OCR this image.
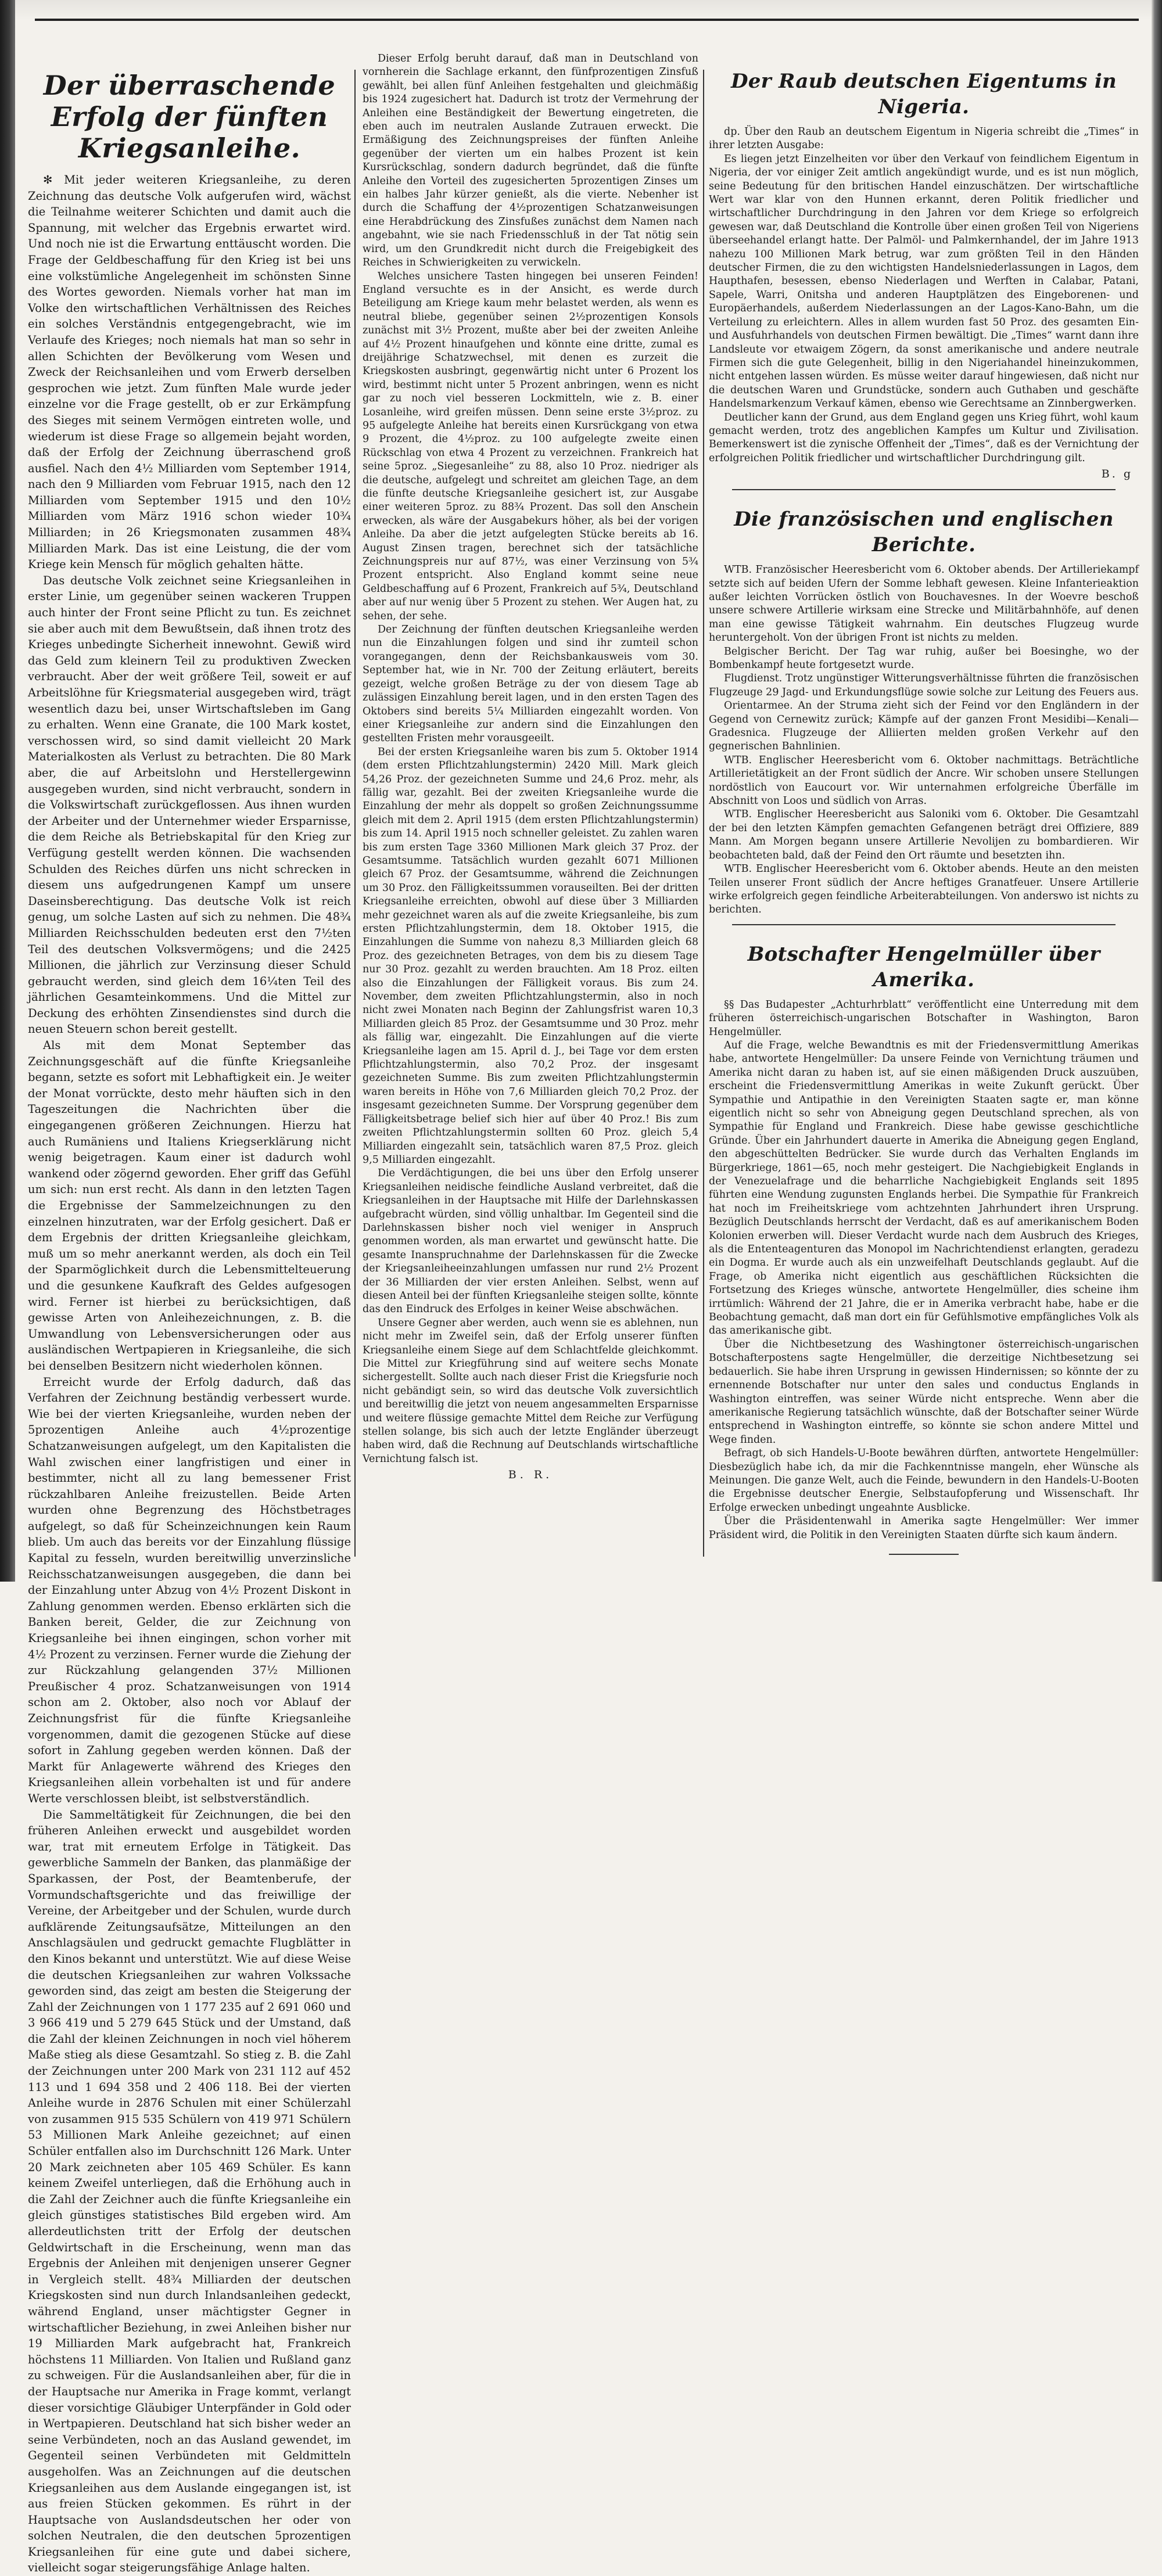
Der überraschende Erfolg der fünften Kriegsanleihe.

✻ Mit jeder weiteren Kriegsanleihe, zu deren Zeichnung das deutsche Volk aufgerufen wird, wächst die Teilnahme weiterer Schichten und damit auch die Spannung, mit welcher das Ergebnis erwartet wird. Und noch nie ist die Erwartung enttäuscht worden. Die Frage der Geldbeschaffung für den Krieg ist bei uns eine volkstümliche Angelegenheit im schönsten Sinne des Wortes geworden. Niemals vorher hat man im Volke den wirtschaftlichen Verhältnissen des Reiches ein solches Verständnis entgegengebracht, wie im Verlaufe des Krieges; noch niemals hat man so sehr in allen Schichten der Bevölkerung vom Wesen und Zweck der Reichsanleihen und vom Erwerb derselben gesprochen wie jetzt. Zum fünften Male wurde jeder einzelne vor die Frage gestellt, ob er zur Erkämpfung des Sieges mit seinem Vermögen eintreten wolle, und wiederum ist diese Frage so allgemein bejaht worden, daß der Erfolg der Zeichnung überraschend groß ausfiel. Nach den 4½ Milliarden vom September 1914, nach den 9 Milliarden vom Februar 1915, nach den 12 Milliarden vom September 1915 und den 10½ Milliarden vom März 1916 schon wieder 10¾ Milliarden; in 26 Kriegsmonaten zusammen 48¾ Milliarden Mark. Das ist eine Leistung, die der vom Kriege kein Mensch für möglich gehalten hätte.

Das deutsche Volk zeichnet seine Kriegsanleihen in erster Linie, um gegenüber seinen wackeren Truppen auch hinter der Front seine Pflicht zu tun. Es zeichnet sie aber auch mit dem Bewußtsein, daß ihnen trotz des Krieges unbedingte Sicherheit innewohnt. Gewiß wird das Geld zum kleinern Teil zu produktiven Zwecken verbraucht. Aber der weit größere Teil, soweit er auf Arbeitslöhne für Kriegsmaterial ausgegeben wird, trägt wesentlich dazu bei, unser Wirtschaftsleben im Gang zu erhalten. Wenn eine Granate, die 100 Mark kostet, verschossen wird, so sind damit vielleicht 20 Mark Materialkosten als Verlust zu betrachten. Die 80 Mark aber, die auf Arbeitslohn und Herstellergewinn ausgegeben wurden, sind nicht verbraucht, sondern in die Volkswirtschaft zurückgeflossen. Aus ihnen wurden der Arbeiter und der Unternehmer wieder Ersparnisse, die dem Reiche als Betriebskapital für den Krieg zur Verfügung gestellt werden können. Die wachsenden Schulden des Reiches dürfen uns nicht schrecken in diesem uns aufgedrungenen Kampf um unsere Daseinsberechtigung. Das deutsche Volk ist reich genug, um solche Lasten auf sich zu nehmen. Die 48¾ Milliarden Reichsschulden bedeuten erst den 7½ten Teil des deutschen Volksvermögens; und die 2425 Millionen, die jährlich zur Verzinsung dieser Schuld gebraucht werden, sind gleich dem 16¼ten Teil des jährlichen Gesamteinkommens. Und die Mittel zur Deckung des erhöhten Zinsendienstes sind durch die neuen Steuern schon bereit gestellt.

Als mit dem Monat September das Zeichnungsgeschäft auf die fünfte Kriegsanleihe begann, setzte es sofort mit Lebhaftigkeit ein. Je weiter der Monat vorrückte, desto mehr häuften sich in den Tageszeitungen die Nachrichten über die eingegangenen größeren Zeichnungen. Hierzu hat auch Rumäniens und Italiens Kriegserklärung nicht wenig beigetragen. Kaum einer ist dadurch wohl wankend oder zögernd geworden. Eher griff das Gefühl um sich: nun erst recht. Als dann in den letzten Tagen die Ergebnisse der Sammelzeichnungen zu den einzelnen hinzutraten, war der Erfolg gesichert. Daß er dem Ergebnis der dritten Kriegsanleihe gleichkam, muß um so mehr anerkannt werden, als doch ein Teil der Sparmöglichkeit durch die Lebensmittelteuerung und die gesunkene Kaufkraft des Geldes aufgesogen wird. Ferner ist hierbei zu berücksichtigen, daß gewisse Arten von Anleihezeichnungen, z. B. die Umwandlung von Lebensversicherungen oder aus ausländischen Wertpapieren in Kriegsanleihe, die sich bei denselben Besitzern nicht wiederholen können.

Erreicht wurde der Erfolg dadurch, daß das Verfahren der Zeichnung beständig verbessert wurde. Wie bei der vierten Kriegsanleihe, wurden neben der 5prozentigen Anleihe auch 4½prozentige Schatzanweisungen aufgelegt, um den Kapitalisten die Wahl zwischen einer langfristigen und einer in bestimmter, nicht all zu lang bemessener Frist rückzahlbaren Anleihe freizustellen. Beide Arten wurden ohne Begrenzung des Höchstbetrages aufgelegt, so daß für Scheinzeichnungen kein Raum blieb. Um auch das bereits vor der Einzahlung flüssige Kapital zu fesseln, wurden bereitwillig unverzinsliche Reichsschatzanweisungen ausgegeben, die dann bei der Einzahlung unter Abzug von 4½ Prozent Diskont in Zahlung genommen werden. Ebenso erklärten sich die Banken bereit, Gelder, die zur Zeichnung von Kriegsanleihe bei ihnen eingingen, schon vorher mit 4½ Prozent zu verzinsen. Ferner wurde die Ziehung der zur Rückzahlung gelangenden 37½ Millionen Preußischer 4 proz. Schatzanweisungen von 1914 schon am 2. Oktober, also noch vor Ablauf der Zeichnungsfrist für die fünfte Kriegsanleihe vorgenommen, damit die gezogenen Stücke auf diese sofort in Zahlung gegeben werden können. Daß der Markt für Anlagewerte während des Krieges den Kriegsanleihen allein vorbehalten ist und für andere Werte verschlossen bleibt, ist selbstverständlich.

Die Sammeltätigkeit für Zeichnungen, die bei den früheren Anleihen erweckt und ausgebildet worden war, trat mit erneutem Erfolge in Tätigkeit. Das gewerbliche Sammeln der Banken, das planmäßige der Sparkassen, der Post, der Beamtenberufe, der Vormundschaftsgerichte und das freiwillige der Vereine, der Arbeitgeber und der Schulen, wurde durch aufklärende Zeitungsaufsätze, Mitteilungen an den Anschlagsäulen und gedruckt gemachte Flugblätter in den Kinos bekannt und unterstützt. Wie auf diese Weise die deutschen Kriegsanleihen zur wahren Volkssache geworden sind, das zeigt am besten die Steigerung der Zahl der Zeichnungen von 1 177 235 auf 2 691 060 und 3 966 419 und 5 279 645 Stück und der Umstand, daß die Zahl der kleinen Zeichnungen in noch viel höherem Maße stieg als diese Gesamtzahl. So stieg z. B. die Zahl der Zeichnungen unter 200 Mark von 231 112 auf 452 113 und 1 694 358 und 2 406 118. Bei der vierten Anleihe wurde in 2876 Schulen mit einer Schülerzahl von zusammen 915 535 Schülern von 419 971 Schülern 53 Millionen Mark Anleihe gezeichnet; auf einen Schüler entfallen also im Durchschnitt 126 Mark. Unter 20 Mark zeichneten aber 105 469 Schüler. Es kann keinem Zweifel unterliegen, daß die Erhöhung auch in die Zahl der Zeichner auch die fünfte Kriegsanleihe ein gleich günstiges statistisches Bild ergeben wird. Am allerdeutlichsten tritt der Erfolg der deutschen Geldwirtschaft in die Erscheinung, wenn man das Ergebnis der Anleihen mit denjenigen unserer Gegner in Vergleich stellt. 48¾ Milliarden der deutschen Kriegskosten sind nun durch Inlandsanleihen gedeckt, während England, unser mächtigster Gegner in wirtschaftlicher Beziehung, in zwei Anleihen bisher nur 19 Milliarden Mark aufgebracht hat, Frankreich höchstens 11 Milliarden. Von Italien und Rußland ganz zu schweigen. Für die Auslandsanleihen aber, für die in der Hauptsache nur Amerika in Frage kommt, verlangt dieser vorsichtige Gläubiger Unterpfänder in Gold oder in Wertpapieren. Deutschland hat sich bisher weder an seine Verbündeten, noch an das Ausland gewendet, im Gegenteil seinen Verbündeten mit Geldmitteln ausgeholfen. Was an Zeichnungen auf die deutschen Kriegsanleihen aus dem Auslande eingegangen ist, ist aus freien Stücken gekommen. Es rührt in der Hauptsache von Auslandsdeutschen her oder von solchen Neutralen, die den deutschen 5prozentigen Kriegsanleihen für eine gute und dabei sichere, vielleicht sogar steigerungsfähige Anlage halten.

Dieser Erfolg beruht darauf, daß man in Deutschland von vornherein die Sachlage erkannt, den fünfprozentigen Zinsfuß gewählt, bei allen fünf Anleihen festgehalten und gleichmäßig bis 1924 zugesichert hat. Dadurch ist trotz der Vermehrung der Anleihen eine Beständigkeit der Bewertung eingetreten, die eben auch im neutralen Auslande Zutrauen erweckt. Die Ermäßigung des Zeichnungspreises der fünften Anleihe gegenüber der vierten um ein halbes Prozent ist kein Kursrückschlag, sondern dadurch begründet, daß die fünfte Anleihe den Vorteil des zugesicherten 5prozentigen Zinses um ein halbes Jahr kürzer genießt, als die vierte. Nebenher ist durch die Schaffung der 4½prozentigen Schatzanweisungen eine Herabdrückung des Zinsfußes zunächst dem Namen nach angebahnt, wie sie nach Friedensschluß in der Tat nötig sein wird, um den Grundkredit nicht durch die Freigebigkeit des Reiches in Schwierigkeiten zu verwickeln.

Welches unsichere Tasten hingegen bei unseren Feinden! England versuchte es in der Ansicht, es werde durch Beteiligung am Kriege kaum mehr belastet werden, als wenn es neutral bliebe, gegenüber seinen 2½prozentigen Konsols zunächst mit 3½ Prozent, mußte aber bei der zweiten Anleihe auf 4½ Prozent hinaufgehen und könnte eine dritte, zumal es dreijährige Schatzwechsel, mit denen es zurzeit die Kriegskosten ausbringt, gegenwärtig nicht unter 6 Prozent los wird, bestimmt nicht unter 5 Prozent anbringen, wenn es nicht gar zu noch viel besseren Lockmitteln, wie z. B. einer Losanleihe, wird greifen müssen. Denn seine erste 3½proz. zu 95 aufgelegte Anleihe hat bereits einen Kursrückgang von etwa 9 Prozent, die 4½proz. zu 100 aufgelegte zweite einen Rückschlag von etwa 4 Prozent zu verzeichnen. Frankreich hat seine 5proz. „Siegesanleihe“ zu 88, also 10 Proz. niedriger als die deutsche, aufgelegt und schreitet am gleichen Tage, an dem die fünfte deutsche Kriegsanleihe gesichert ist, zur Ausgabe einer weiteren 5proz. zu 88¾ Prozent. Das soll den Anschein erwecken, als wäre der Ausgabekurs höher, als bei der vorigen Anleihe. Da aber die jetzt aufgelegten Stücke bereits ab 16. August Zinsen tragen, berechnet sich der tatsächliche Zeichnungspreis nur auf 87½, was einer Verzinsung von 5¾ Prozent entspricht. Also England kommt seine neue Geldbeschaffung auf 6 Prozent, Frankreich auf 5¾, Deutschland aber auf nur wenig über 5 Prozent zu stehen. Wer Augen hat, zu sehen, der sehe.

Der Zeichnung der fünften deutschen Kriegsanleihe werden nun die Einzahlungen folgen und sind ihr zumteil schon vorangegangen, denn der Reichsbankausweis vom 30. September hat, wie in Nr. 700 der Zeitung erläutert, bereits gezeigt, welche großen Beträge zu der von diesem Tage ab zulässigen Einzahlung bereit lagen, und in den ersten Tagen des Oktobers sind bereits 5¼ Milliarden eingezahlt worden. Von einer Kriegsanleihe zur andern sind die Einzahlungen den gestellten Fristen mehr vorausgeeilt.

Bei der ersten Kriegsanleihe waren bis zum 5. Oktober 1914 (dem ersten Pflichtzahlungstermin) 2420 Mill. Mark gleich 54,26 Proz. der gezeichneten Summe und 24,6 Proz. mehr, als fällig war, gezahlt. Bei der zweiten Kriegsanleihe wurde die Einzahlung der mehr als doppelt so großen Zeichnungssumme gleich mit dem 2. April 1915 (dem ersten Pflichtzahlungstermin) bis zum 14. April 1915 noch schneller geleistet. Zu zahlen waren bis zum ersten Tage 3360 Millionen Mark gleich 37 Proz. der Gesamtsumme. Tatsächlich wurden gezahlt 6071 Millionen gleich 67 Proz. der Gesamtsumme, während die Zeichnungen um 30 Proz. den Fälligkeitssummen vorauseilten. Bei der dritten Kriegsanleihe erreichten, obwohl auf diese über 3 Milliarden mehr gezeichnet waren als auf die zweite Kriegsanleihe, bis zum ersten Pflichtzahlungstermin, dem 18. Oktober 1915, die Einzahlungen die Summe von nahezu 8,3 Milliarden gleich 68 Proz. des gezeichneten Betrages, von dem bis zu diesem Tage nur 30 Proz. gezahlt zu werden brauchten. Am 18 Proz. eilten also die Einzahlungen der Fälligkeit voraus. Bis zum 24. November, dem zweiten Pflichtzahlungstermin, also in noch nicht zwei Monaten nach Beginn der Zahlungsfrist waren 10,3 Milliarden gleich 85 Proz. der Gesamtsumme und 30 Proz. mehr als fällig war, eingezahlt. Die Einzahlungen auf die vierte Kriegsanleihe lagen am 15. April d. J., bei Tage vor dem ersten Pflichtzahlungstermin, also 70,2 Proz. der insgesamt gezeichneten Summe. Bis zum zweiten Pflichtzahlungstermin waren bereits in Höhe von 7,6 Milliarden gleich 70,2 Proz. der insgesamt gezeichneten Summe. Der Vorsprung gegenüber dem Fälligkeitsbetrage belief sich hier auf über 40 Proz.! Bis zum zweiten Pflichtzahlungstermin sollten 60 Proz. gleich 5,4 Milliarden eingezahlt sein, tatsächlich waren 87,5 Proz. gleich 9,5 Milliarden eingezahlt.

Die Verdächtigungen, die bei uns über den Erfolg unserer Kriegsanleihen neidische feindliche Ausland verbreitet, daß die Kriegsanleihen in der Hauptsache mit Hilfe der Darlehnskassen aufgebracht würden, sind völlig unhaltbar. Im Gegenteil sind die Darlehnskassen bisher noch viel weniger in Anspruch genommen worden, als man erwartet und gewünscht hatte. Die gesamte Inanspruchnahme der Darlehnskassen für die Zwecke der Kriegsanleiheeinzahlungen umfassen nur rund 2½ Prozent der 36 Milliarden der vier ersten Anleihen. Selbst, wenn auf diesen Anteil bei der fünften Kriegsanleihe steigen sollte, könnte das den Eindruck des Erfolges in keiner Weise abschwächen.

Unsere Gegner aber werden, auch wenn sie es ablehnen, nun nicht mehr im Zweifel sein, daß der Erfolg unserer fünften Kriegsanleihe einem Siege auf dem Schlachtfelde gleichkommt. Die Mittel zur Kriegführung sind auf weitere sechs Monate sichergestellt. Sollte auch nach dieser Frist die Kriegsfurie noch nicht gebändigt sein, so wird das deutsche Volk zuversichtlich und bereitwillig die jetzt von neuem angesammelten Ersparnisse und weitere flüssige gemachte Mittel dem Reiche zur Verfügung stellen solange, bis sich auch der letzte Engländer überzeugt haben wird, daß die Rechnung auf Deutschlands wirtschaftliche Vernichtung falsch ist.

B. R.
Der Raub deutschen Eigentums in Nigeria.

dp. Über den Raub an deutschem Eigentum in Nigeria schreibt die „Times“ in ihrer letzten Ausgabe:

Es liegen jetzt Einzelheiten vor über den Verkauf von feindlichem Eigentum in Nigeria, der vor einiger Zeit amtlich angekündigt wurde, und es ist nun möglich, seine Bedeutung für den britischen Handel einzuschätzen. Der wirtschaftliche Wert war klar von den Hunnen erkannt, deren Politik friedlicher und wirtschaftlicher Durchdringung in den Jahren vor dem Kriege so erfolgreich gewesen war, daß Deutschland die Kontrolle über einen großen Teil von Nigeriens überseehandel erlangt hatte. Der Palmöl- und Palmkernhandel, der im Jahre 1913 nahezu 100 Millionen Mark betrug, war zum größten Teil in den Händen deutscher Firmen, die zu den wichtigsten Handelsniederlassungen in Lagos, dem Haupthafen, besessen, ebenso Niederlagen und Werften in Calabar, Patani, Sapele, Warri, Onitsha und anderen Hauptplätzen des Eingeborenen- und Europäerhandels, außerdem Niederlassungen an der Lagos-Kano-Bahn, um die Verteilung zu erleichtern. Alles in allem wurden fast 50 Proz. des gesamten Ein- und Ausfuhrhandels von deutschen Firmen bewältigt. Die „Times“ warnt dann ihre Landsleute vor etwaigem Zögern, da sonst amerikanische und andere neutrale Firmen sich die gute Gelegenheit, billig in den Nigeriahandel hineinzukommen, nicht entgehen lassen würden. Es müsse weiter darauf hingewiesen, daß nicht nur die deutschen Waren und Grundstücke, sondern auch Guthaben und geschäfte Handelsmarkenzum Verkauf kämen, ebenso wie Gerechtsame an Zinnbergwerken.

Deutlicher kann der Grund, aus dem England gegen uns Krieg führt, wohl kaum gemacht werden, trotz des angeblichen Kampfes um Kultur und Zivilisation. Bemerkenswert ist die zynische Offenheit der „Times“, daß es der Vernichtung der erfolgreichen Politik friedlicher und wirtschaftlicher Durchdringung gilt.

B. g
Die französischen und englischen Berichte.

WTB. Französischer Heeresbericht vom 6. Oktober abends. Der Artilleriekampf setzte sich auf beiden Ufern der Somme lebhaft gewesen. Kleine Infanterieaktion außer leichten Vorrücken östlich von Bouchavesnes. In der Woevre beschoß unsere schwere Artillerie wirksam eine Strecke und Militärbahnhöfe, auf denen man eine gewisse Tätigkeit wahrnahm. Ein deutsches Flugzeug wurde heruntergeholt. Von der übrigen Front ist nichts zu melden.

Belgischer Bericht. Der Tag war ruhig, außer bei Boesinghe, wo der Bombenkampf heute fortgesetzt wurde.

Flugdienst. Trotz ungünstiger Witterungsverhältnisse führten die französischen Flugzeuge 29 Jagd- und Erkundungsflüge sowie solche zur Leitung des Feuers aus.

Orientarmee. An der Struma zieht sich der Feind vor den Engländern in der Gegend von Cernewitz zurück; Kämpfe auf der ganzen Front Mesidibi—Kenali—Gradesnica. Flugzeuge der Alliierten melden großen Verkehr auf den gegnerischen Bahnlinien.

WTB. Englischer Heeresbericht vom 6. Oktober nachmittags. Beträchtliche Artillerietätigkeit an der Front südlich der Ancre. Wir schoben unsere Stellungen nordöstlich von Eaucourt vor. Wir unternahmen erfolgreiche Überfälle im Abschnitt von Loos und südlich von Arras.

WTB. Englischer Heeresbericht aus Saloniki vom 6. Oktober. Die Gesamtzahl der bei den letzten Kämpfen gemachten Gefangenen beträgt drei Offiziere, 889 Mann. Am Morgen begann unsere Artillerie Nevolijen zu bombardieren. Wir beobachteten bald, daß der Feind den Ort räumte und besetzten ihn.

WTB. Englischer Heeresbericht vom 6. Oktober abends. Heute an den meisten Teilen unserer Front südlich der Ancre heftiges Granatfeuer. Unsere Artillerie wirke erfolgreich gegen feindliche Arbeiterabteilungen. Von anderswo ist nichts zu berichten.

Botschafter Hengelmüller über Amerika.

§§ Das Budapester „Achturhrblatt“ veröffentlicht eine Unterredung mit dem früheren österreichisch-ungarischen Botschafter in Washington, Baron Hengelmüller.

Auf die Frage, welche Bewandtnis es mit der Friedensvermittlung Amerikas habe, antwortete Hengelmüller: Da unsere Feinde von Vernichtung träumen und Amerika nicht daran zu haben ist, auf sie einen mäßigenden Druck auszuüben, erscheint die Friedensvermittlung Amerikas in weite Zukunft gerückt. Über Sympathie und Antipathie in den Vereinigten Staaten sagte er, man könne eigentlich nicht so sehr von Abneigung gegen Deutschland sprechen, als von Sympathie für England und Frankreich. Diese habe gewisse geschichtliche Gründe. Über ein Jahrhundert dauerte in Amerika die Abneigung gegen England, den abgeschüttelten Bedrücker. Sie wurde durch das Verhalten Englands im Bürgerkriege, 1861—65, noch mehr gesteigert. Die Nachgiebigkeit Englands in der Venezuelafrage und die beharrliche Nachgiebigkeit Englands seit 1895 führten eine Wendung zugunsten Englands herbei. Die Sympathie für Frankreich hat noch im Freiheitskriege vom achtzehnten Jahrhundert ihren Ursprung. Bezüglich Deutschlands herrscht der Verdacht, daß es auf amerikanischem Boden Kolonien erwerben will. Dieser Verdacht wurde nach dem Ausbruch des Krieges, als die Ententeagenturen das Monopol im Nachrichtendienst erlangten, geradezu ein Dogma. Er wurde auch als ein unzweifelhaft Deutschlands geglaubt. Auf die Frage, ob Amerika nicht eigentlich aus geschäftlichen Rücksichten die Fortsetzung des Krieges wünsche, antwortete Hengelmüller, dies scheine ihm irrtümlich: Während der 21 Jahre, die er in Amerika verbracht habe, habe er die Beobachtung gemacht, daß man dort ein für Gefühlsmotive empfängliches Volk als das amerikanische gibt.

Über die Nichtbesetzung des Washingtoner österreichisch-ungarischen Botschafterpostens sagte Hengelmüller, die derzeitige Nichtbesetzung sei bedauerlich. Sie habe ihren Ursprung in gewissen Hindernissen; so könnte der zu ernennende Botschafter nur unter den sales und conductus Englands in Washington eintreffen, was seiner Würde nicht entspreche. Wenn aber die amerikanische Regierung tatsächlich wünschte, daß der Botschafter seiner Würde entsprechend in Washington eintreffe, so könnte sie schon andere Mittel und Wege finden.

Befragt, ob sich Handels-U-Boote bewähren dürften, antwortete Hengelmüller: Diesbezüglich habe ich, da mir die Fachkenntnisse mangeln, eher Wünsche als Meinungen. Die ganze Welt, auch die Feinde, bewundern in den Handels-U-Booten die Ergebnisse deutscher Energie, Selbstaufopferung und Wissenschaft. Ihr Erfolge erwecken unbedingt ungeahnte Ausblicke.

Über die Präsidentenwahl in Amerika sagte Hengelmüller: Wer immer Präsident wird, die Politik in den Vereinigten Staaten dürfte sich kaum ändern.
